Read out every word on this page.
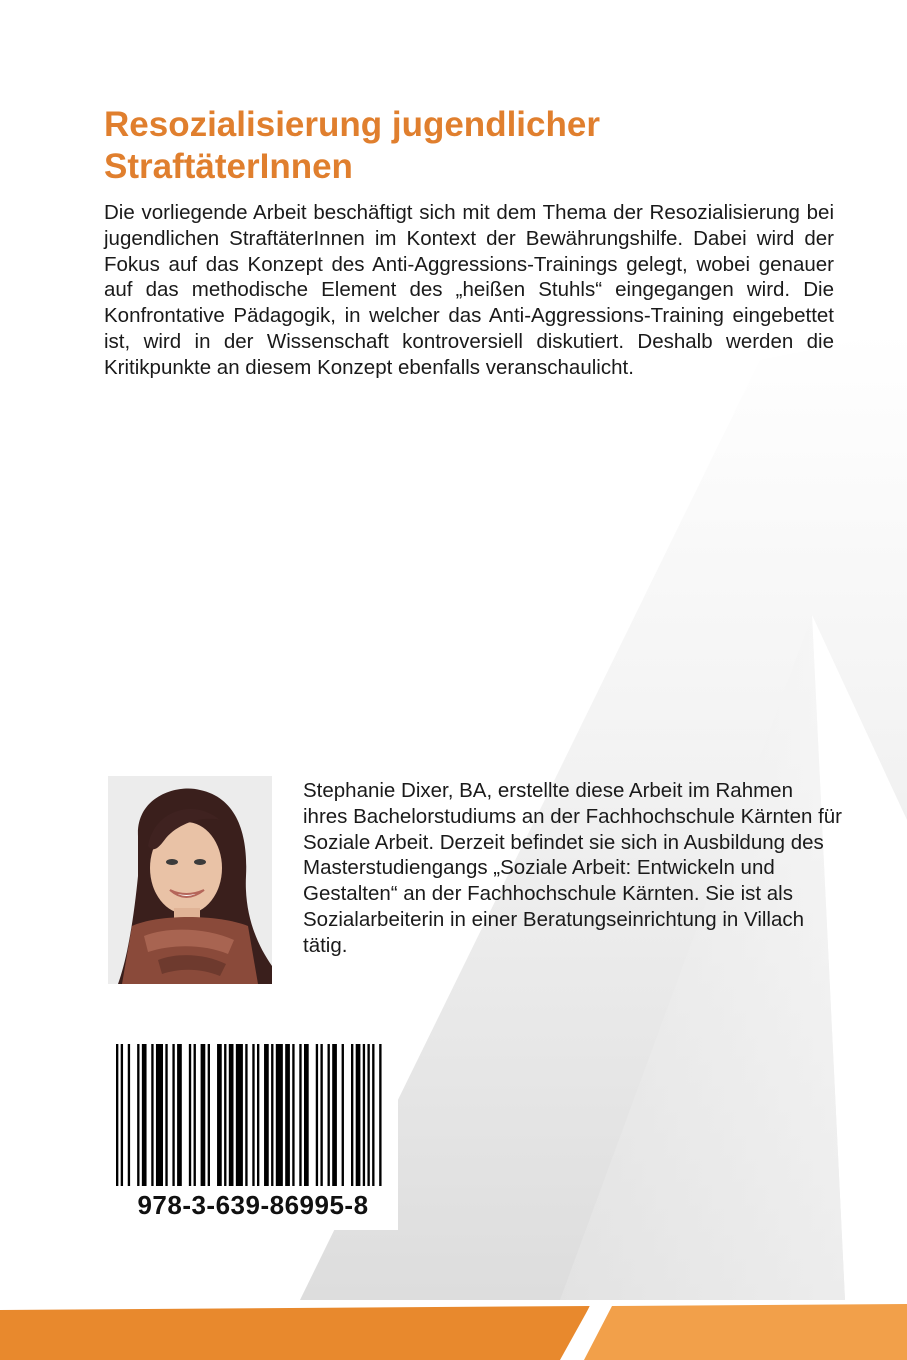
Resozialisierung jugendlicher
StraftäterInnen

Die vorliegende Arbeit beschäftigt sich mit dem Thema der Resozialisierung bei jugendlichen StraftäterInnen im Kontext der Bewährungshilfe. Dabei wird der Fokus auf das Konzept des Anti-Aggressions-Trainings gelegt, wobei genauer auf das methodische Element des „heißen Stuhls“ eingegangen wird. Die Konfrontative Pädagogik, in welcher das Anti-Aggressions-Training eingebettet ist, wird in der Wissenschaft kontroversiell diskutiert. Deshalb werden die Kritikpunkte an diesem Konzept ebenfalls veranschaulicht.

Stephanie Dixer, BA, erstellte diese Arbeit im Rahmen ihres Bachelorstudiums an der Fachhochschule Kärnten für Soziale Arbeit. Derzeit befindet sie sich in Ausbildung des Masterstudiengangs „Soziale Arbeit: Entwickeln und Gestalten“ an der Fachhochschule Kärnten. Sie ist als Sozialarbeiterin in einer Beratungseinrichtung in Villach tätig.

978-3-639-86995-8
